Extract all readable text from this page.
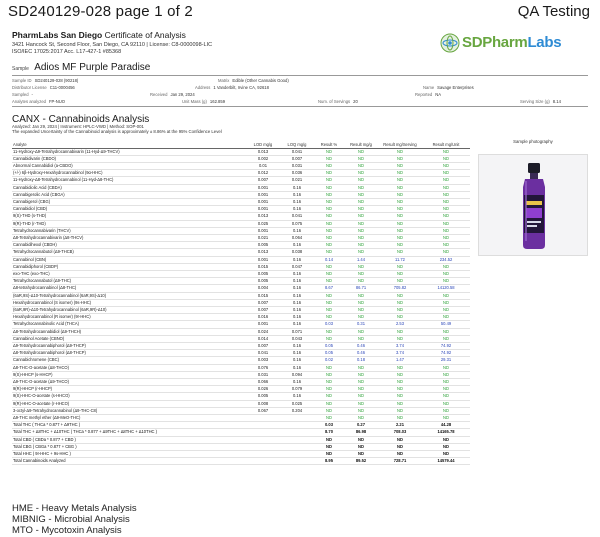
SD240129-028 page 1 of 2	QA Testing
PharmLabs San Diego Certificate of Analysis
3421 Hancock St, Second Floor, San Diego, CA 92110 | License: C8-0000098-LIC
ISO/IEC 17025:2017 Acc. L17-427-1 #85368
SDPharmLabs
Sample Adios MF Purple Paradise
Sample ID SD240129-028 (90218)	Matrix Edible (Other Cannabis Good)
Distributor License C11-0000456	Address 1 Vanderbilt, Irvine CA, 92618	Name Savage Enterprises
Sampled -	Received Jan 29, 2024	Reported NA
Analytes analyzed FP-NUO	Unit Mass (g) 162.859	Num. of Servings 20	Serving Size (g) 8.14
CANX - Cannabinoids Analysis
Analyzed: Jan 29, 2024 | Instrument: HPLC-VWD | Method: SOP-001
The expanded Uncertainty of the Cannabinoid analysis is approximately ± 8.86% at the 95% Confidence Level
Analyte	LOD mg/g	LOQ mg/g	Result %	Result mg/g	Result mg/Serving	Result mg/Unit
11-Hydroxy-Δ9-Tetrahydrocannabivarin (11-Hyd-Δ9-THCV)	0.013	0.041	ND	ND	ND	ND
Cannabidivarin (CBDO)	0.002	0.007	ND	ND	ND	ND
Abnormal Cannabidiol (a-CBDO)	0.01	0.031	ND	ND	ND	ND
(+/-) 6β-Hydroxy-Hexahydrocannabinol (9α-HHC)	0.012	0.036	ND	ND	ND	ND
11-Hydroxy-Δ8-Tetrahydrocannabinol (11-Hyd-Δ8-THC)	0.007	0.021	ND	ND	ND	ND
Cannabidiolic Acid (CBDA)	0.001	0.16	ND	ND	ND	ND
Cannabigerolic Acid (CBGA)	0.001	0.16	ND	ND	ND	ND
Cannabigerol (CBG)	0.001	0.16	ND	ND	ND	ND
Cannabidiol (CBD)	0.001	0.16	ND	ND	ND	ND
9(S)-THD (s-THD)	0.013	0.041	ND	ND	ND	ND
9(R)-THD (r-THD)	0.025	0.075	ND	ND	ND	ND
Tetrahydrocannabivarin (THCV)	0.001	0.16	ND	ND	ND	ND
Δ8-Tetrahydrocannabivarin (Δ8-THCV)	0.021	0.064	ND	ND	ND	ND
Cannabidihexol (CBDH)	0.005	0.16	ND	ND	ND	ND
Tetrahydrocannabutol (Δ9-THCB)	0.013	0.038	ND	ND	ND	ND
Cannabinol (CBN)	0.001	0.16	0.14	1.44	11.72	234.52
Cannabidiphorol (CBDP)	0.015	0.047	ND	ND	ND	ND
exo-THC (exo-THC)	0.005	0.16	ND	ND	ND	ND
Tetrahydrocannabutol (Δ9-THC)	0.005	0.16	ND	ND	ND	ND
Δ8-tetrahydrocannabinol (Δ8-THC)	0.004	0.16	8.67	86.71	705.82	14120.58
(6aR,9S)-Δ10-Tetrahydrocannabinol (6aR,9S)-Δ10)	0.015	0.16	ND	ND	ND	ND
Hexahydrocannabinol (S isomer) (9s-HHC)	0.007	0.16	ND	ND	ND	ND
(6aR,9R)-Δ10-Tetrahydrocannabinol (6aR,9R)-Δ10)	0.007	0.16	ND	ND	ND	ND
Hexahydrocannabinol (R isomer) (9r-HHC)	0.016	0.16	ND	ND	ND	ND
Tetrahydrocannabinolic Acid (THCA)	0.001	0.16	0.03	0.31	2.53	50.49
Δ8-Tetrahydrocannabidiol (Δ9-THCH)	0.024	0.071	ND	ND	ND	ND
Cannabinol Acetate (CBNO)	0.014	0.043	ND	ND	ND	ND
Δ9-Tetrahydrocannabiphorol (Δ9-THCP)	0.007	0.16	0.05	0.46	3.74	74.92
Δ8-Tetrahydrocannabiphorol (Δ8-THCP)	0.041	0.16	0.05	0.46	3.74	74.92
Cannabichromene (CBC)	0.003	0.16	0.02	0.18	1.47	29.31
Δ8-THC-O-acetate (Δ8-THCO)	0.076	0.16	ND	ND	ND	ND
9(S)-HHCP (s-HHCP)	0.031	0.094	ND	ND	ND	ND
Δ9-THC-O-acetate (Δ9-THCO)	0.066	0.16	ND	ND	ND	ND
9(R)-HHCP (r-HHCP)	0.026	0.079	ND	ND	ND	ND
9(S)-HHC-O-acetate (s-HHCO)	0.005	0.16	ND	ND	ND	ND
9(R)-HHC-O-acetate (r-HHCO)	0.008	0.025	ND	ND	ND	ND
3-octyl-Δ9-Tetrahydrocannabinol (Δ9-THC-C8)	0.067	0.204	ND	ND	ND	ND
Δ9-THC methyl ether (Δ9-MeO-THC)			ND	ND	ND	ND
Total THC ( THCa * 0.877 + Δ9THC )			0.03	0.27	2.21	44.28
Total THC + Δ8THC + Δ10THC ( THCa * 0.877 + Δ9THC + Δ8THC + Δ10THC )			8.70	86.98	708.03	14165.78
Total CBD ( CBDa * 0.877 + CBD )			ND	ND	ND	ND
Total CBG ( CBGa * 0.877 + CBG )			ND	ND	ND	ND
Total HHC ( 9r-HHC + 9s-HHC )			ND	ND	ND	ND
Total Cannabinoids Analyzed			8.95	89.52	728.71	14579.44
Sample photography
HME - Heavy Metals Analysis
MIBNIG - Microbial Analysis
MTO - Mycotoxin Analysis
